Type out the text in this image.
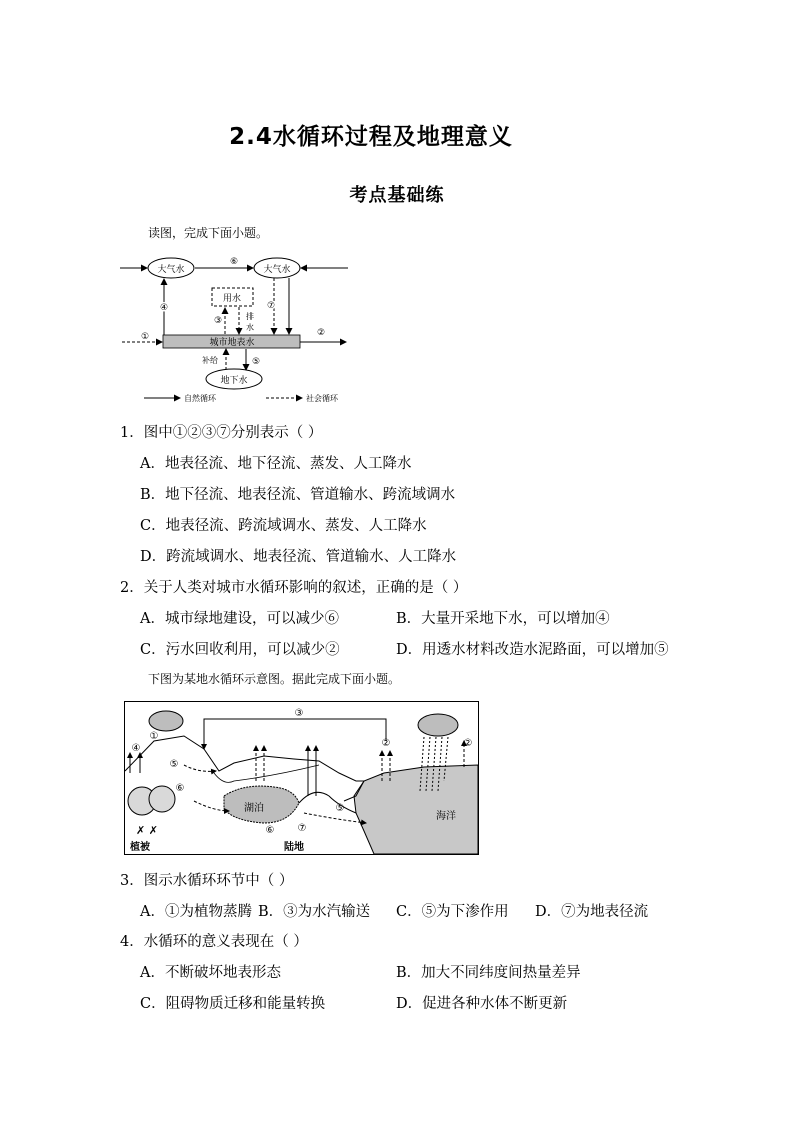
2.4水循环过程及地理意义
考点基础练
读图，完成下面小题。
大气水	大气水
⑥
④	⑦
用水
③	排
水
城市地表水
①	②
补给	⑤
地下水
自然循环	社会循环
1．图中①②③⑦分别表示（ ）
A．地表径流、地下径流、蒸发、人工降水
B．地下径流、地表径流、管道输水、跨流域调水
C．地表径流、跨流域调水、蒸发、人工降水
D．跨流域调水、地表径流、管道输水、人工降水
2．关于人类对城市水循环影响的叙述，正确的是（ ）
A．城市绿地建设，可以减少⑥	B．大量开采地下水，可以增加④
C．污水回收利用，可以减少②	D．用透水材料改造水泥路面，可以增加⑤
下图为某地水循环示意图。据此完成下面小题。
海洋
湖泊
✗ ✗
植被	陆地
③
④
①
⑤
⑥
②	②
⑤
⑥ ⑦
3．图示水循环环节中（ ）
A．①为植物蒸腾 B．③为水汽输送 C．⑤为下渗作用 D．⑦为地表径流
4．水循环的意义表现在（ ）
A．不断破坏地表形态	B．加大不同纬度间热量差异
C．阻碍物质迁移和能量转换	D．促进各种水体不断更新
